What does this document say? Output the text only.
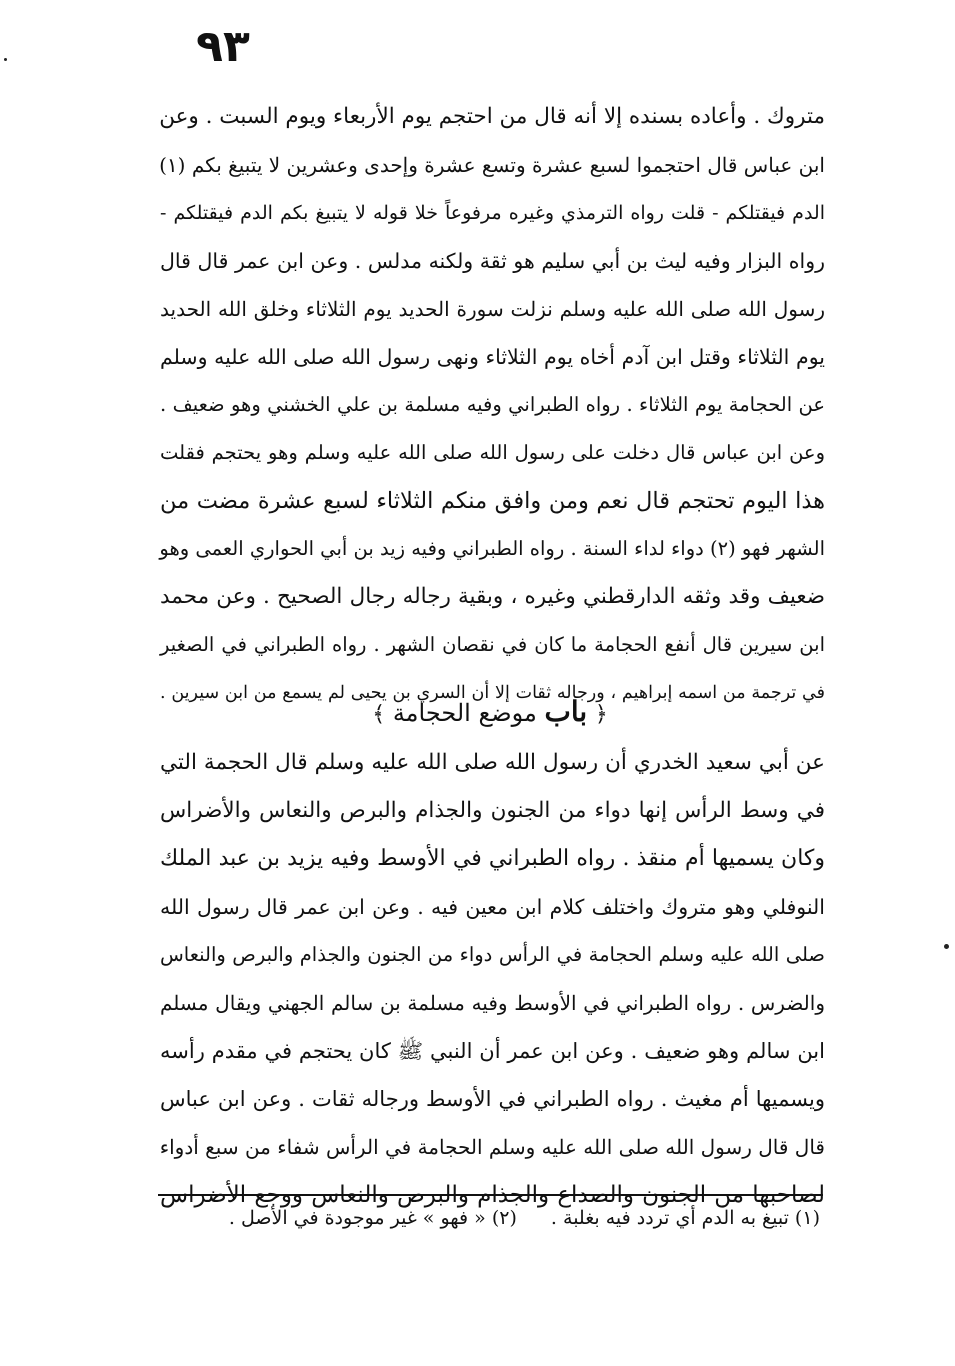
٩٣
متروك . وأعاده بسنده إلا أنه قال من احتجم يوم الأربعاء ويوم السبت . وعن
ابن عباس قال احتجموا لسبع عشرة وتسع عشرة وإحدى وعشرين لا يتبيغ بكم (١)
الدم فيقتلكم - قلت رواه الترمذي وغيره مرفوعاً خلا قوله لا يتبيغ بكم الدم فيقتلكم -
رواه البزار وفيه ليث بن أبي سليم هو ثقة ولكنه مدلس . وعن ابن عمر قال قال
رسول الله صلى الله عليه وسلم نزلت سورة الحديد يوم الثلاثاء وخلق الله الحديد
يوم الثلاثاء وقتل ابن آدم أخاه يوم الثلاثاء ونهى رسول الله صلى الله عليه وسلم
عن الحجامة يوم الثلاثاء . رواه الطبراني وفيه مسلمة بن علي الخشني وهو ضعيف .
وعن ابن عباس قال دخلت على رسول الله صلى الله عليه وسلم وهو يحتجم فقلت
هذا اليوم تحتجم قال نعم ومن وافق منكم الثلاثاء لسبع عشرة مضت من
الشهر فهو (٢) دواء لداء السنة . رواه الطبراني وفيه زيد بن أبي الحواري العمى وهو
ضعيف وقد وثقه الدارقطني وغيره ، وبقية رجاله رجال الصحيح . وعن محمد
ابن سيرين قال أنفع الحجامة ما كان في نقصان الشهر . رواه الطبراني في الصغير
في ترجمة من اسمه إبراهيم ، ورجاله ثقات إلا أن السري بن يحيى لم يسمع من ابن سيرين .
﴿ باب موضع الحجامة ﴾
عن أبي سعيد الخدري أن رسول الله صلى الله عليه وسلم قال الحجمة التي
في وسط الرأس إنها دواء من الجنون والجذام والبرص والنعاس والأضراس
وكان يسميها أم منقذ . رواه الطبراني في الأوسط وفيه يزيد بن عبد الملك
النوفلي وهو متروك واختلف كلام ابن معين فيه . وعن ابن عمر قال رسول الله
صلى الله عليه وسلم الحجامة في الرأس دواء من الجنون والجذام والبرص والنعاس
والضرس . رواه الطبراني في الأوسط وفيه مسلمة بن سالم الجهني ويقال مسلم
ابن سالم وهو ضعيف . وعن ابن عمر أن النبي ﷺ كان يحتجم في مقدم رأسه
ويسميها أم مغيث . رواه الطبراني في الأوسط ورجاله ثقات . وعن ابن عباس
قال قال رسول الله صلى الله عليه وسلم الحجامة في الرأس شفاء من سبع أدواء
لصاحبها من الجنون والصداع والجذام والبرص والنعاس ووجع الأضراس
(١) تبيغ به الدم أي تردد فيه بغلبة . (٢) « فهو » غير موجودة في الأصل .
